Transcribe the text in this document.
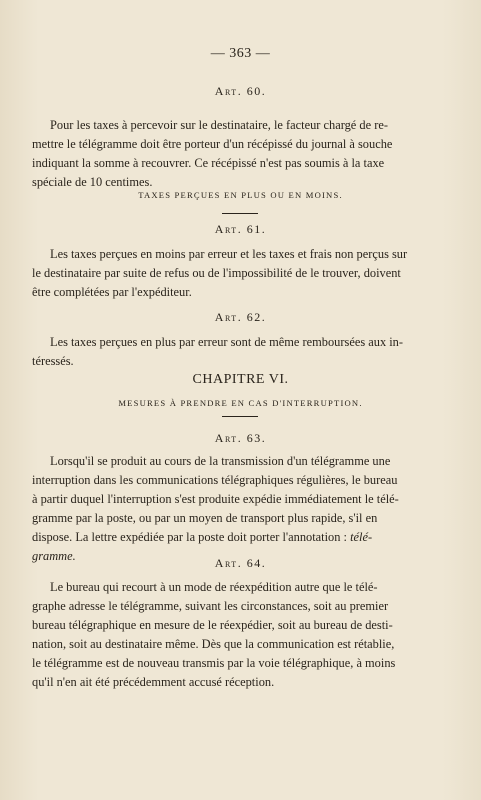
— 363 —
Art. 60.
Pour les taxes à percevoir sur le destinataire, le facteur chargé de re-
mettre le télégramme doit être porteur d'un récépissé du journal à souche
indiquant la somme à recouvrer. Ce récépissé n'est pas soumis à la taxe
spéciale de 10 centimes.
TAXES PERÇUES EN PLUS OU EN MOINS.
Art. 61.
Les taxes perçues en moins par erreur et les taxes et frais non perçus sur
le destinataire par suite de refus ou de l'impossibilité de le trouver, doivent
être complétées par l'expéditeur.
Art. 62.
Les taxes perçues en plus par erreur sont de même remboursées aux in-
téressés.
CHAPITRE VI.
MESURES À PRENDRE EN CAS D'INTERRUPTION.
Art. 63.
Lorsqu'il se produit au cours de la transmission d'un télégramme une
interruption dans les communications télégraphiques régulières, le bureau
à partir duquel l'interruption s'est produite expédie immédiatement le télé-
gramme par la poste, ou par un moyen de transport plus rapide, s'il en
dispose. La lettre expédiée par la poste doit porter l'annotation : télé-
gramme.	Art. 64.
Le bureau qui recourt à un mode de réexpédition autre que le télé-
graphe adresse le télégramme, suivant les circonstances, soit au premier
bureau télégraphique en mesure de le réexpédier, soit au bureau de desti-
nation, soit au destinataire même. Dès que la communication est rétablie,
le télégramme est de nouveau transmis par la voie télégraphique, à moins
qu'il n'en ait été précédemment accusé réception.
